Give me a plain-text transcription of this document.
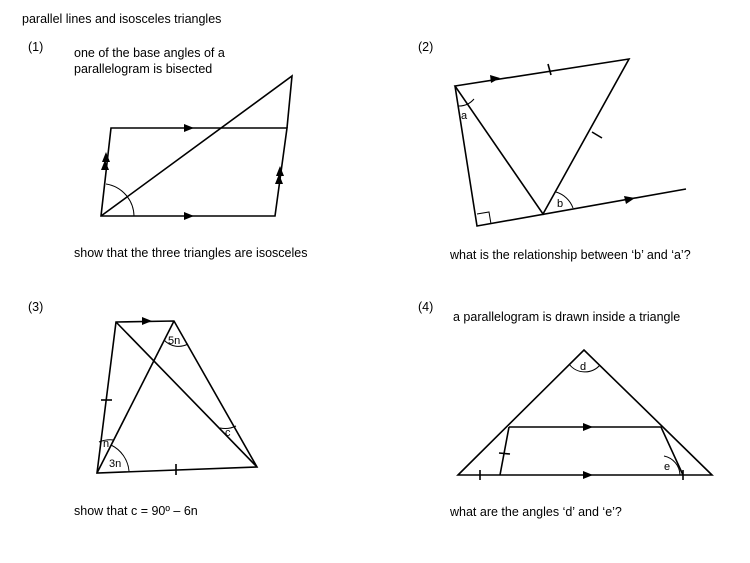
parallel lines and isosceles triangles
(1) one of the base angles of a
parallelogram is bisected
show that the three triangles are isosceles
(2)
what is the relationship between ‘b’ and ‘a’?
(3)
show that c = 90º – 6n
(4)
a parallelogram is drawn inside a triangle
what are the angles ‘d’ and ‘e’?
a
b
5n
n
3n
c
d
e
